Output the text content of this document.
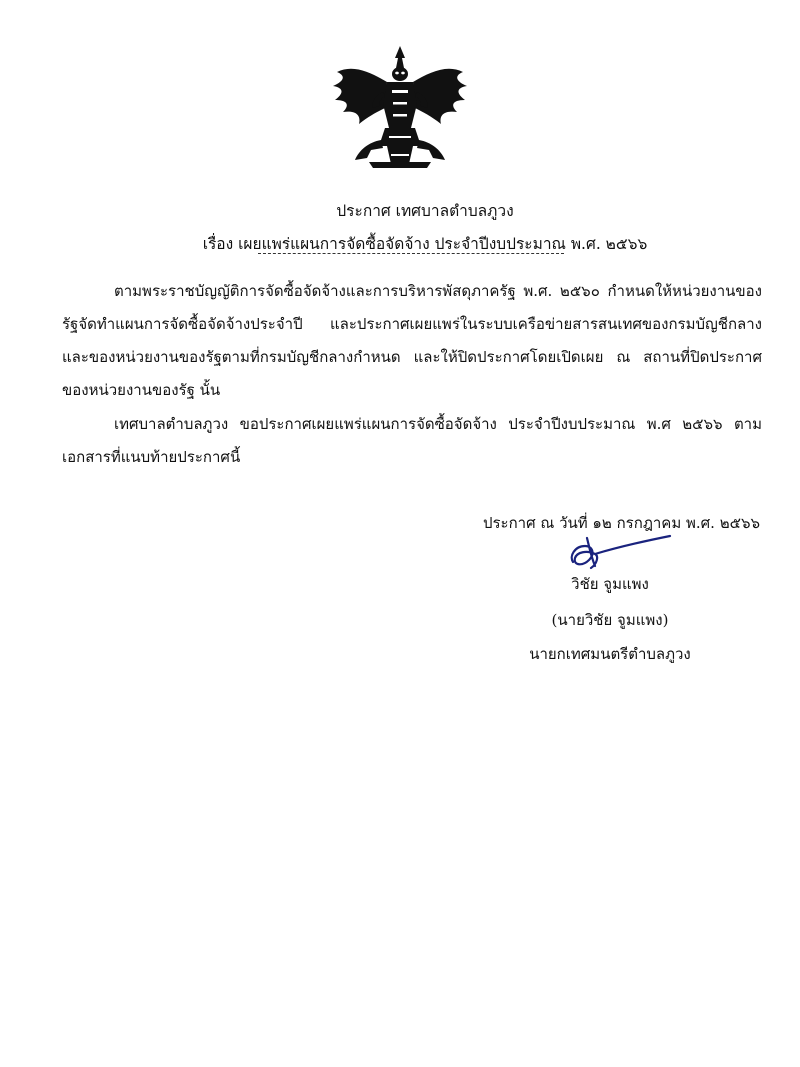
ประกาศ เทศบาลตำบลภูวง
เรื่อง เผยแพร่แผนการจัดซื้อจัดจ้าง ประจำปีงบประมาณ พ.ศ. ๒๕๖๖

ตามพระราชบัญญัติการจัดซื้อจัดจ้างและการบริหารพัสดุภาครัฐ พ.ศ. ๒๕๖๐ กำหนดให้หน่วยงานของรัฐจัดทำแผนการจัดซื้อจัดจ้างประจำปี และประกาศเผยแพร่ในระบบเครือข่ายสารสนเทศของกรมบัญชีกลางและของหน่วยงานของรัฐตามที่กรมบัญชีกลางกำหนด และให้ปิดประกาศโดยเปิดเผย ณ สถานที่ปิดประกาศของหน่วยงานของรัฐ นั้น

เทศบาลตำบลภูวง ขอประกาศเผยแพร่แผนการจัดซื้อจัดจ้าง ประจำปีงบประมาณ พ.ศ ๒๕๖๖ ตามเอกสารที่แนบท้ายประกาศนี้

ประกาศ ณ วันที่ ๑๒ กรกฎาคม พ.ศ. ๒๕๖๖
วิชัย จูมแพง
(นายวิชัย จูมแพง)
นายกเทศมนตรีตำบลภูวง
